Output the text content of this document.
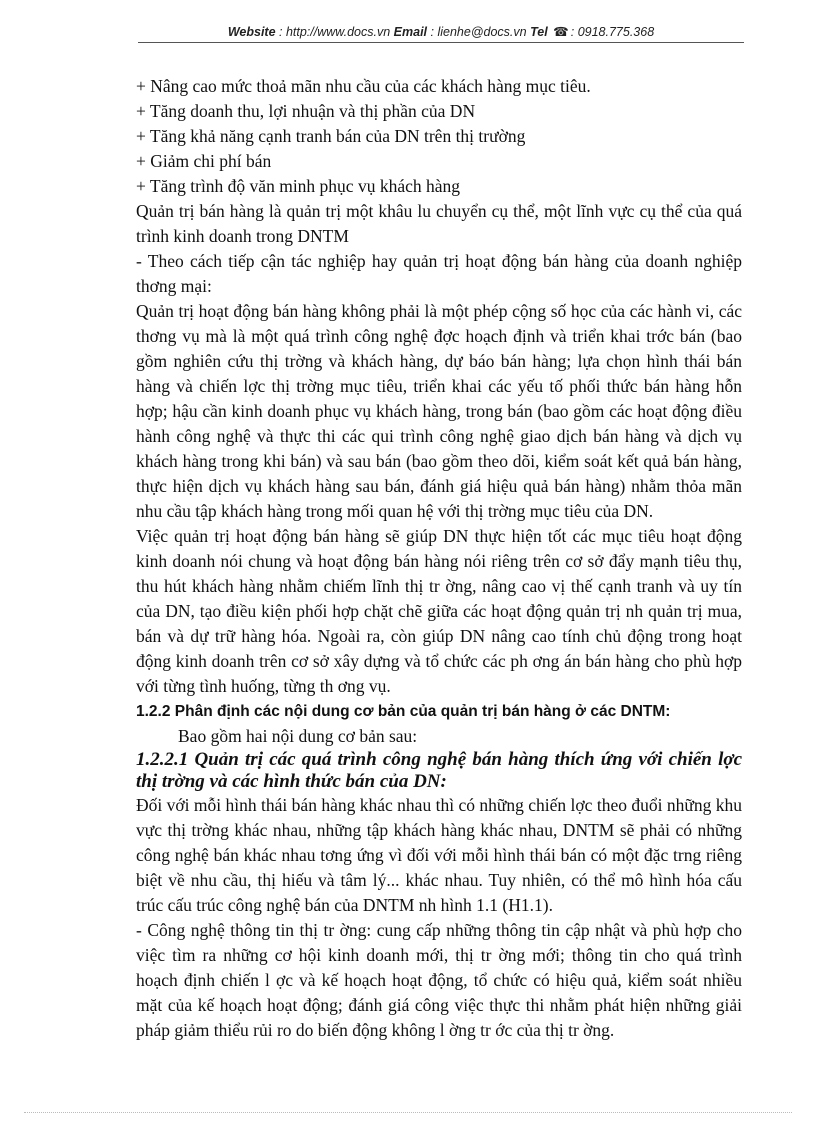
Website : http://www.docs.vn Email : lienhe@docs.vn Tel ☎ : 0918.775.368

+ Nâng cao mức thoả mãn nhu cầu của các khách hàng mục tiêu.

+ Tăng doanh thu, lợi nhuận và thị phần của DN

+ Tăng khả năng cạnh tranh bán của DN trên thị trường

+ Giảm chi phí bán

+ Tăng trình độ văn minh phục vụ khách hàng

Quản trị bán hàng là quản trị một khâu lu chuyển cụ thể, một lĩnh vực cụ thể của quá trình kinh doanh trong DNTM

- Theo cách tiếp cận tác nghiệp hay quản trị hoạt động bán hàng của doanh nghiệp thơng mại:

Quản trị hoạt động bán hàng không phải là một phép cộng số học của các hành vi, các thơng vụ mà là một quá trình công nghệ đợc hoạch định và triển khai trớc bán (bao gồm nghiên cứu thị trờng và khách hàng, dự báo bán hàng; lựa chọn hình thái bán hàng và chiến lợc thị trờng mục tiêu, triển khai các yếu tố phối thức bán hàng hỗn hợp; hậu cần kinh doanh phục vụ khách hàng, trong bán (bao gồm các hoạt động điều hành công nghệ và thực thi các qui trình công nghệ giao dịch bán hàng và dịch vụ khách hàng trong khi bán) và sau bán (bao gồm theo dõi, kiểm soát kết quả bán hàng, thực hiện dịch vụ khách hàng sau bán, đánh giá hiệu quả bán hàng) nhằm thỏa mãn nhu cầu tập khách hàng trong mối quan hệ với thị trờng mục tiêu của DN.

Việc quản trị hoạt động bán hàng sẽ giúp DN thực hiện tốt các mục tiêu hoạt động kinh doanh nói chung và hoạt động bán hàng nói riêng trên cơ sở đẩy mạnh tiêu thụ, thu hút khách hàng nhằm chiếm lĩnh thị tr ờng, nâng cao vị thế cạnh tranh và uy tín của DN, tạo điều kiện phối hợp chặt chẽ giữa các hoạt động quản trị nh quản trị mua, bán và dự trữ hàng hóa. Ngoài ra, còn giúp DN nâng cao tính chủ động trong hoạt động kinh doanh trên cơ sở xây dựng và tổ chức các ph ơng án bán hàng cho phù hợp với từng tình huống, từng th ơng vụ.

1.2.2 Phân định các nội dung cơ bản của quản trị bán hàng ở các DNTM:

Bao gồm hai nội dung cơ bản sau:

1.2.2.1 Quản trị các quá trình công nghệ bán hàng thích ứng với chiến lợc thị trờng và các hình thức bán của DN:

Đối với mỗi hình thái bán hàng khác nhau thì có những chiến lợc theo đuổi những khu vực thị trờng khác nhau, những tập khách hàng khác nhau, DNTM sẽ phải có những công nghệ bán khác nhau tơng ứng vì đối với mỗi hình thái bán có một đặc trng riêng biệt về nhu cầu, thị hiếu và tâm lý... khác nhau. Tuy nhiên, có thể mô hình hóa cấu trúc cấu trúc công nghệ bán của DNTM nh hình 1.1 (H1.1).

- Công nghệ thông tin thị tr ờng: cung cấp những thông tin cập nhật và phù hợp cho việc tìm ra những cơ hội kinh doanh mới, thị tr ờng mới; thông tin cho quá trình hoạch định chiến l ợc và kế hoạch hoạt động, tổ chức có hiệu quả, kiểm soát nhiều mặt của kế hoạch hoạt động; đánh giá công việc thực thi nhằm phát hiện những giải pháp giảm thiểu rủi ro do biến động không l ờng tr ớc của thị tr ờng.
